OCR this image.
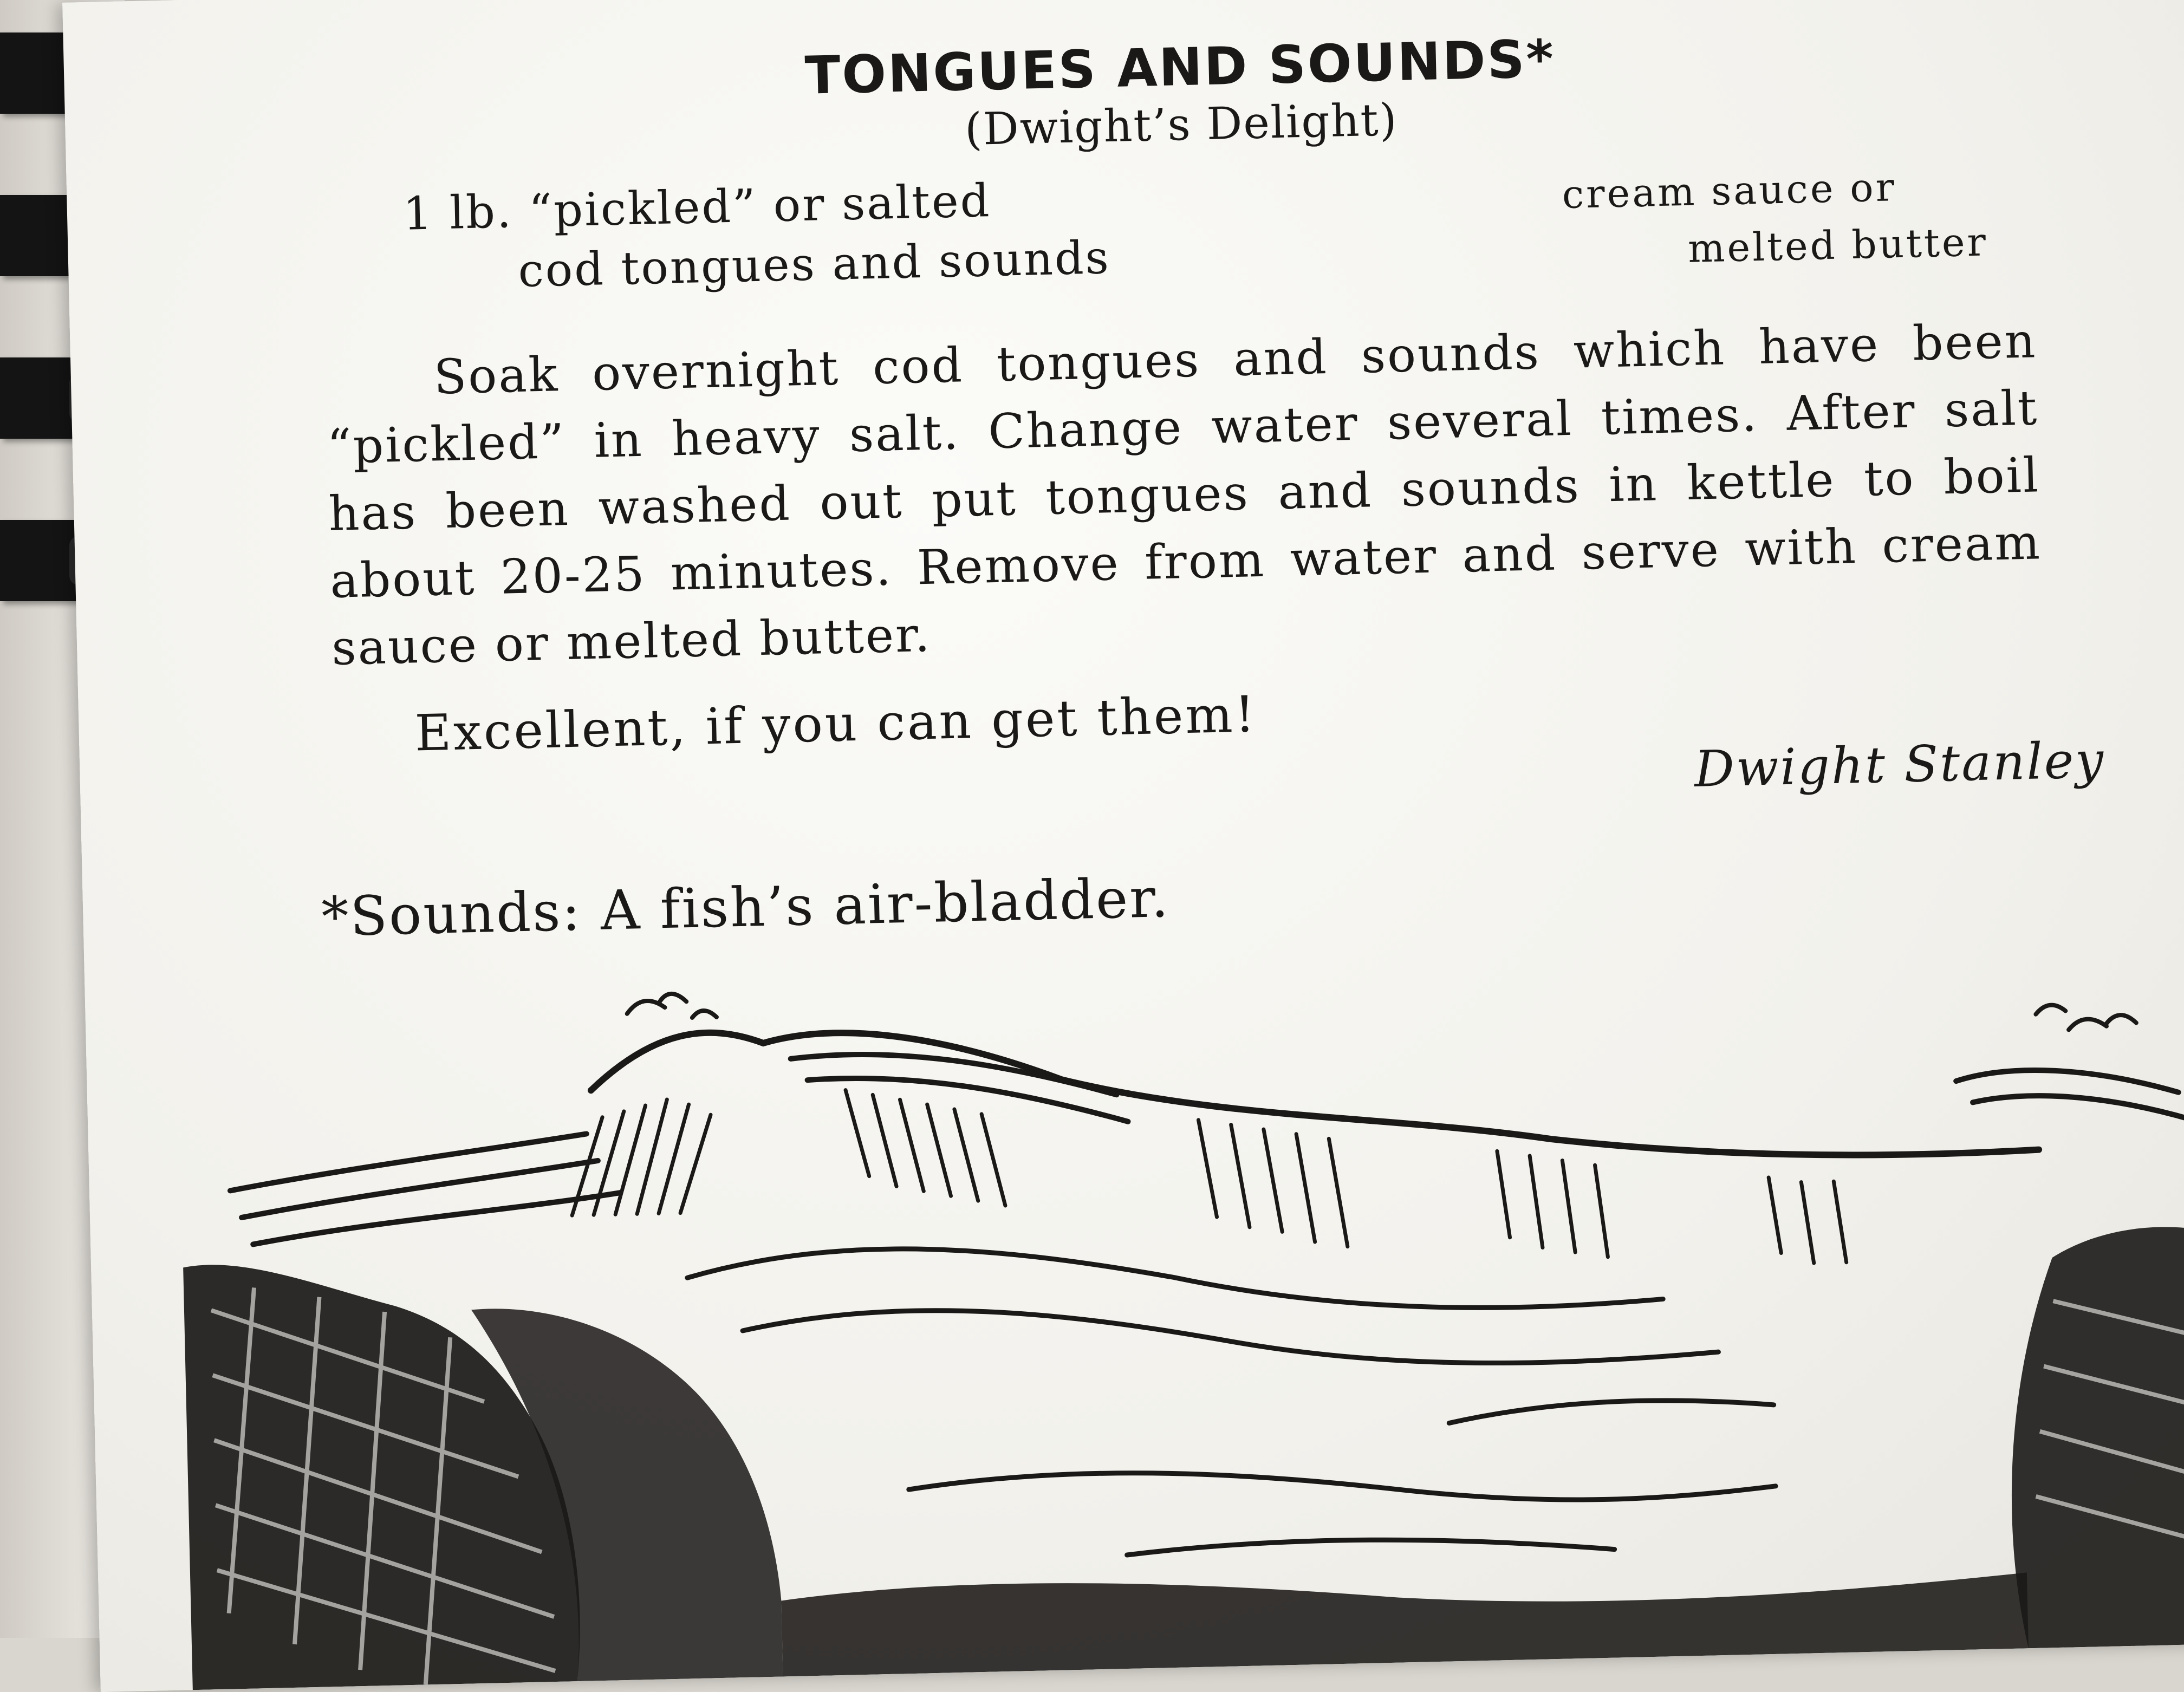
TONGUES AND SOUNDS*
(Dwight’s Delight)
1 lb. “pickled” or salted
cod tongues and sounds
cream sauce or
melted butter

Soak overnight cod tongues and sounds which have been “pickled” in heavy salt. Change water several times. After salt has been washed out put tongues and sounds in kettle to boil about 20-25 minutes. Remove from water and serve with cream sauce or melted butter.

Excellent, if you can get them!
Dwight Stanley
*Sounds: A fish’s air-bladder.
